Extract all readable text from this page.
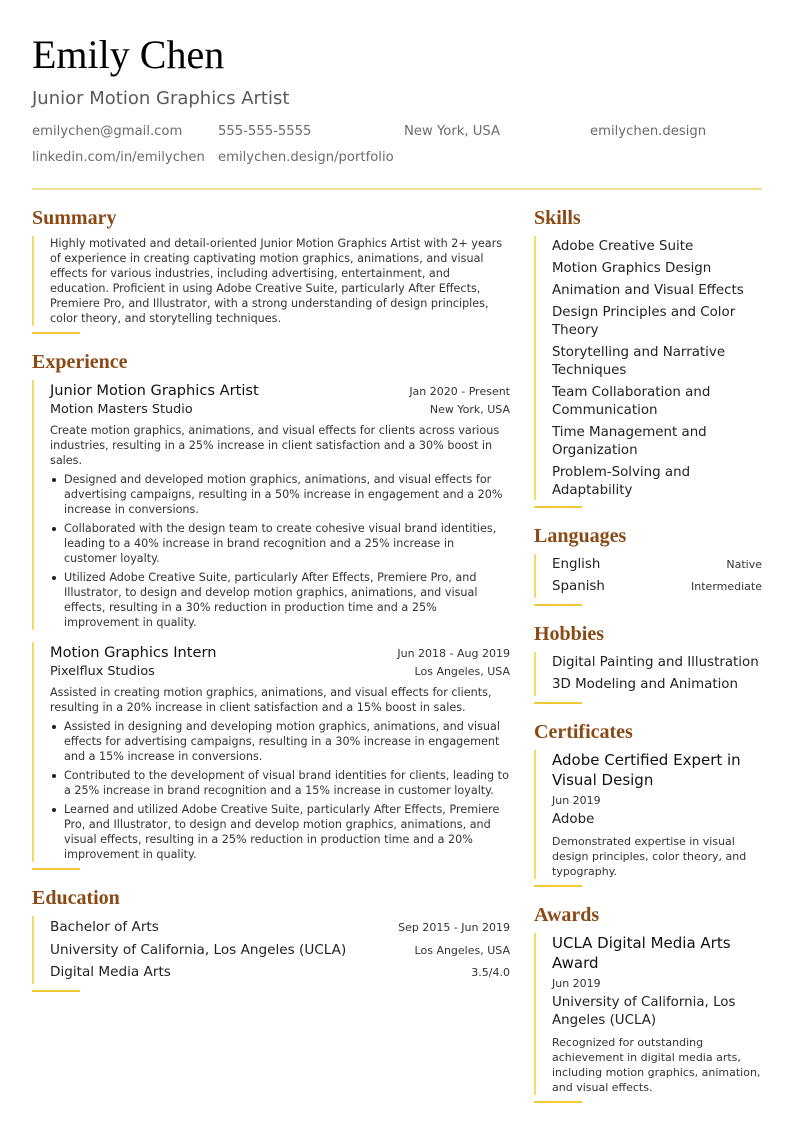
Emily Chen
Junior Motion Graphics Artist
emilychen@gmail.com	555-555-5555	New York, USA	emilychen.design
linkedin.com/in/emilychen	emilychen.design/portfolio
Summary

Highly motivated and detail-oriented Junior Motion Graphics Artist with 2+ years of experience in creating captivating motion graphics, animations, and visual effects for various industries, including advertising, entertainment, and education. Proficient in using Adobe Creative Suite, particularly After Effects, Premiere Pro, and Illustrator, with a strong understanding of design principles, color theory, and storytelling techniques.

Experience
Junior Motion Graphics Artist	Jan 2020 - Present
Motion Masters Studio	New York, USA

Create motion graphics, animations, and visual effects for clients across various industries, resulting in a 25% increase in client satisfaction and a 30% boost in sales.

Designed and developed motion graphics, animations, and visual effects for advertising campaigns, resulting in a 50% increase in engagement and a 20% increase in conversions.
Collaborated with the design team to create cohesive visual brand identities, leading to a 40% increase in brand recognition and a 25% increase in customer loyalty.
Utilized Adobe Creative Suite, particularly After Effects, Premiere Pro, and Illustrator, to design and develop motion graphics, animations, and visual effects, resulting in a 30% reduction in production time and a 25% improvement in quality.
Motion Graphics Intern	Jun 2018 - Aug 2019
Pixelflux Studios	Los Angeles, USA

Assisted in creating motion graphics, animations, and visual effects for clients, resulting in a 20% increase in client satisfaction and a 15% boost in sales.

Assisted in designing and developing motion graphics, animations, and visual effects for advertising campaigns, resulting in a 30% increase in engagement and a 15% increase in conversions.
Contributed to the development of visual brand identities for clients, leading to a 25% increase in brand recognition and a 15% increase in customer loyalty.
Learned and utilized Adobe Creative Suite, particularly After Effects, Premiere Pro, and Illustrator, to design and develop motion graphics, animations, and visual effects, resulting in a 25% reduction in production time and a 20% improvement in quality.
Education
Bachelor of Arts	Sep 2015 - Jun 2019
University of California, Los Angeles (UCLA)	Los Angeles, USA
Digital Media Arts	3.5/4.0
Skills
Adobe Creative Suite
Motion Graphics Design
Animation and Visual Effects
Design Principles and Color Theory
Storytelling and Narrative Techniques
Team Collaboration and Communication
Time Management and Organization
Problem-Solving and Adaptability
Languages
English	Native
Spanish	Intermediate
Hobbies
Digital Painting and Illustration
3D Modeling and Animation
Certificates
Adobe Certified Expert in Visual Design
Jun 2019
Adobe
Demonstrated expertise in visual design principles, color theory, and typography.
Awards
UCLA Digital Media Arts Award
Jun 2019
University of California, Los Angeles (UCLA)
Recognized for outstanding achievement in digital media arts, including motion graphics, animation, and visual effects.
